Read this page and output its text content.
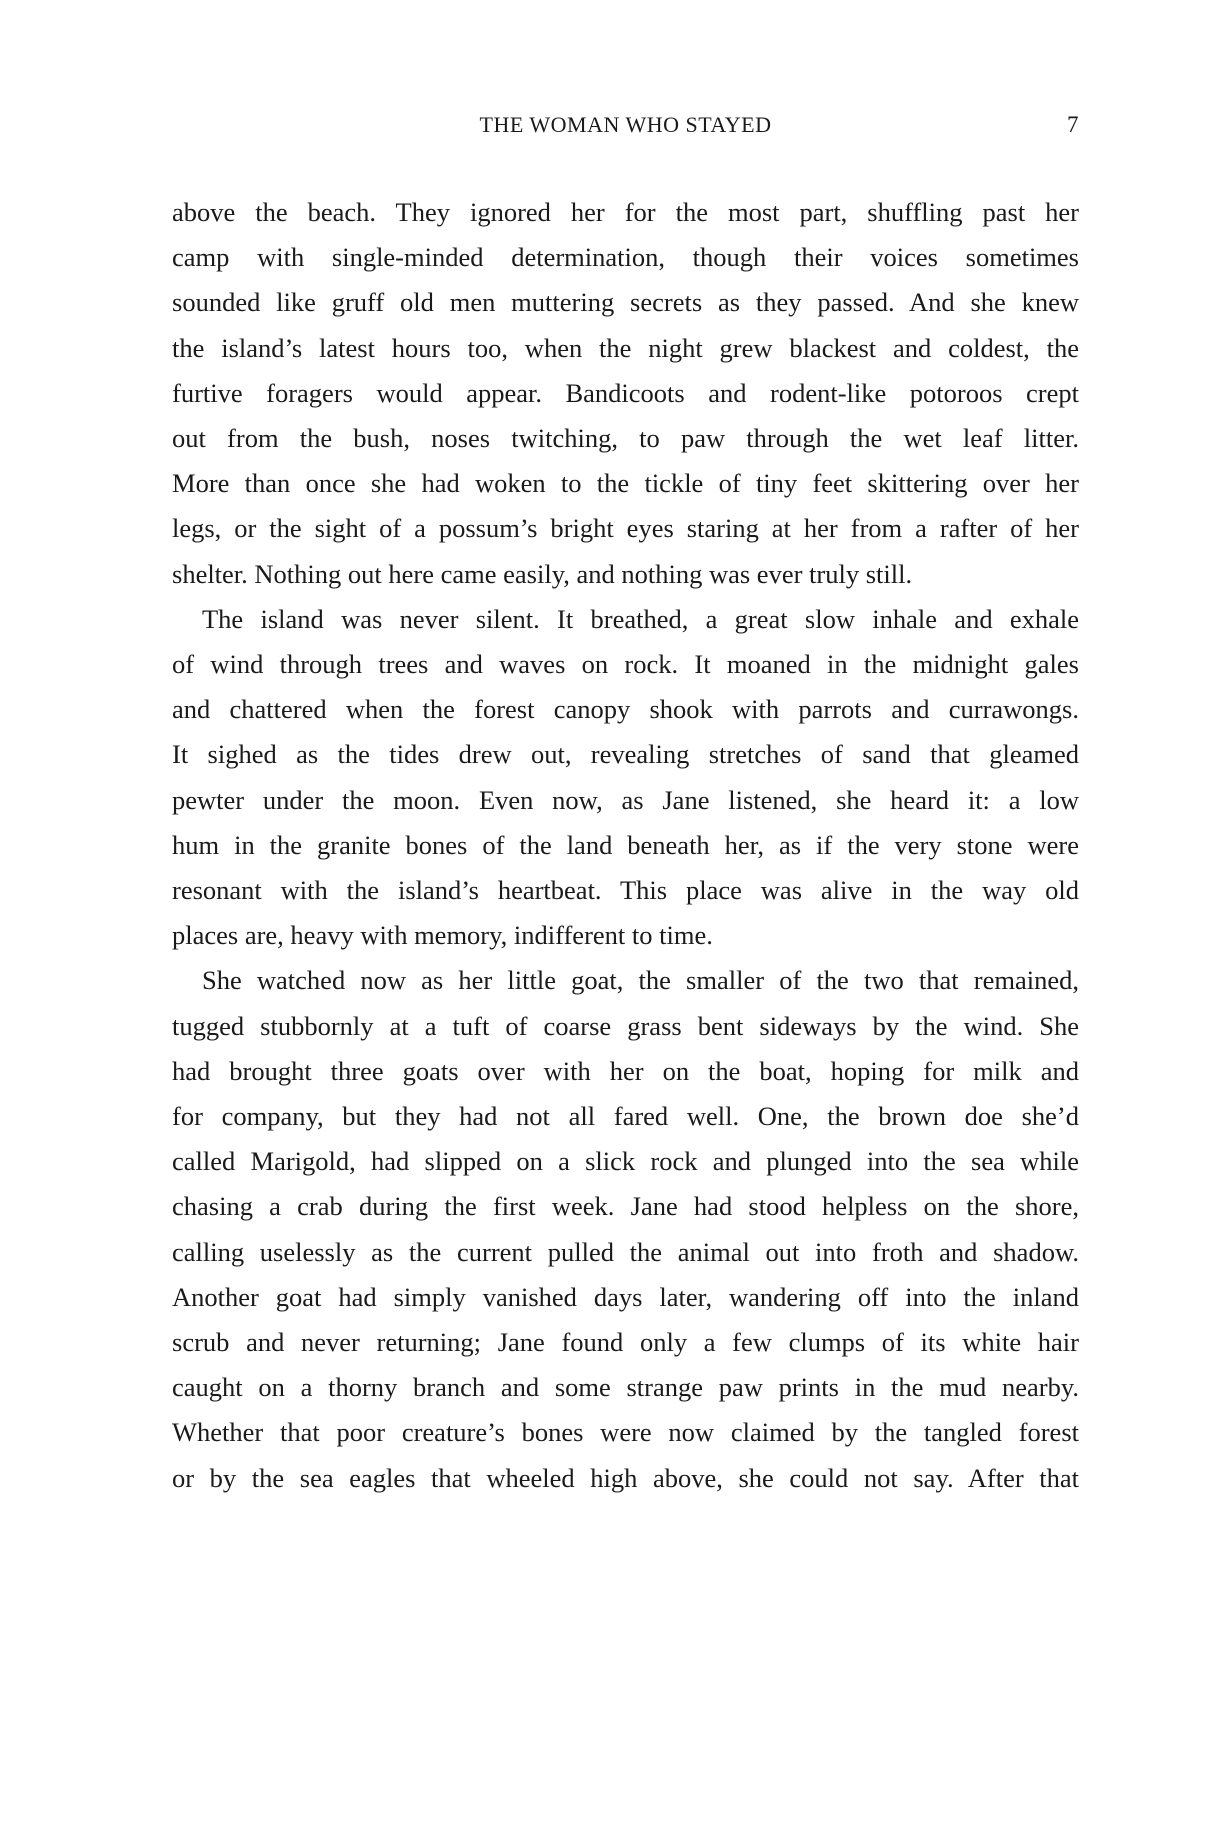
THE WOMAN WHO STAYED	7

above the beach. They ignored her for the most part, shuffling past her
camp with single-minded determination, though their voices sometimes
sounded like gruff old men muttering secrets as they passed. And she knew
the island’s latest hours too, when the night grew blackest and coldest, the
furtive foragers would appear. Bandicoots and rodent-like potoroos crept
out from the bush, noses twitching, to paw through the wet leaf litter.
More than once she had woken to the tickle of tiny feet skittering over her
legs, or the sight of a possum’s bright eyes staring at her from a rafter of her
shelter. Nothing out here came easily, and nothing was ever truly still.

The island was never silent. It breathed, a great slow inhale and exhale
of wind through trees and waves on rock. It moaned in the midnight gales
and chattered when the forest canopy shook with parrots and currawongs.
It sighed as the tides drew out, revealing stretches of sand that gleamed
pewter under the moon. Even now, as Jane listened, she heard it: a low
hum in the granite bones of the land beneath her, as if the very stone were
resonant with the island’s heartbeat. This place was alive in the way old
places are, heavy with memory, indifferent to time.

She watched now as her little goat, the smaller of the two that remained,
tugged stubbornly at a tuft of coarse grass bent sideways by the wind. She
had brought three goats over with her on the boat, hoping for milk and
for company, but they had not all fared well. One, the brown doe she’d
called Marigold, had slipped on a slick rock and plunged into the sea while
chasing a crab during the first week. Jane had stood helpless on the shore,
calling uselessly as the current pulled the animal out into froth and shadow.
Another goat had simply vanished days later, wandering off into the inland
scrub and never returning; Jane found only a few clumps of its white hair
caught on a thorny branch and some strange paw prints in the mud nearby.
Whether that poor creature’s bones were now claimed by the tangled forest
or by the sea eagles that wheeled high above, she could not say. After that
